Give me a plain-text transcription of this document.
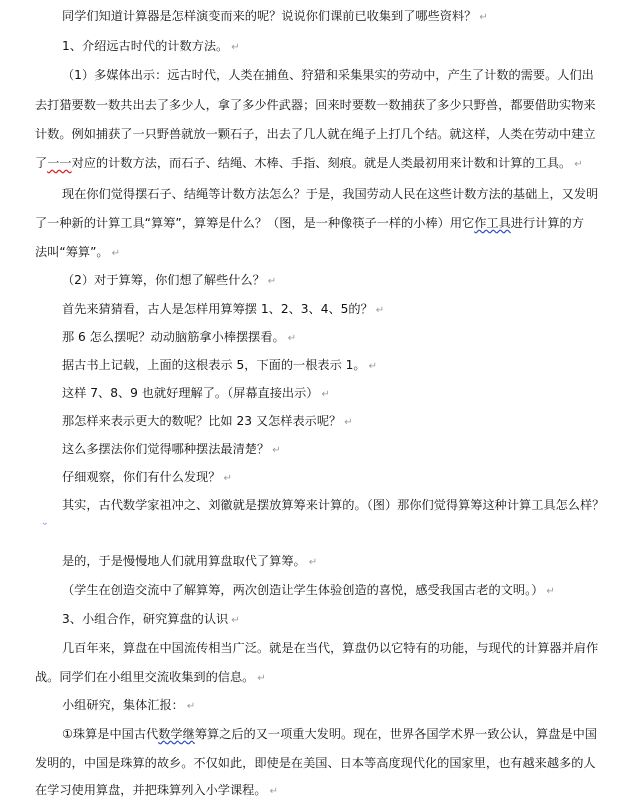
同学们知道计算器是怎样演变而来的呢？说说你们课前已收集到了哪些资料？ ↵
1、介绍远古时代的计数方法。 ↵
（1）多媒体出示：远古时代，人类在捕鱼、狩猎和采集果实的劳动中，产生了计数的需要。人们出
去打猎要数一数共出去了多少人，拿了多少件武器；回来时要数一数捕获了多少只野兽，都要借助实物来
计数。例如捕获了一只野兽就放一颗石子，出去了几人就在绳子上打几个结。就这样，人类在劳动中建立
了一一对应的计数方法，而石子、结绳、木棒、手指、刻痕。就是人类最初用来计数和计算的工具。 ↵
现在你们觉得摆石子、结绳等计数方法怎么？于是，我国劳动人民在这些计数方法的基础上，又发明
了一种新的计算工具“算筹”，算筹是什么？（图，是一种像筷子一样的小棒）用它作工具进行计算的方
法叫“筹算”。 ↵
（2）对于算筹，你们想了解些什么？ ↵
首先来猜猜看，古人是怎样用算筹摆 1、2、3、4、5的？ ↵
那 6 怎么摆呢？动动脑筋拿小棒摆摆看。 ↵
据古书上记载，上面的这根表示 5，下面的一根表示 1。 ↵
这样 7、8、9 也就好理解了。（屏幕直接出示） ↵
那怎样来表示更大的数呢？比如 23 又怎样表示呢？ ↵
这么多摆法你们觉得哪种摆法最清楚？ ↵
仔细观察，你们有什么发现？ ↵
其实，古代数学家祖冲之、刘徽就是摆放算筹来计算的。（图）那你们觉得算筹这种计算工具怎么样？
ᵕ
是的，于是慢慢地人们就用算盘取代了算筹。 ↵
（学生在创造交流中了解算筹，两次创造让学生体验创造的喜悦，感受我国古老的文明。） ↵
3、小组合作，研究算盘的认识 ↵
几百年来，算盘在中国流传相当广泛。就是在当代，算盘仍以它特有的功能，与现代的计算器并肩作
战。同学们在小组里交流收集到的信息。 ↵
小组研究，集体汇报： ↵
①珠算是中国古代数学继筹算之后的又一项重大发明。现在，世界各国学术界一致公认，算盘是中国
发明的，中国是珠算的故乡。不仅如此，即使是在美国、日本等高度现代化的国家里，也有越来越多的人
在学习使用算盘，并把珠算列入小学课程。 ↵
